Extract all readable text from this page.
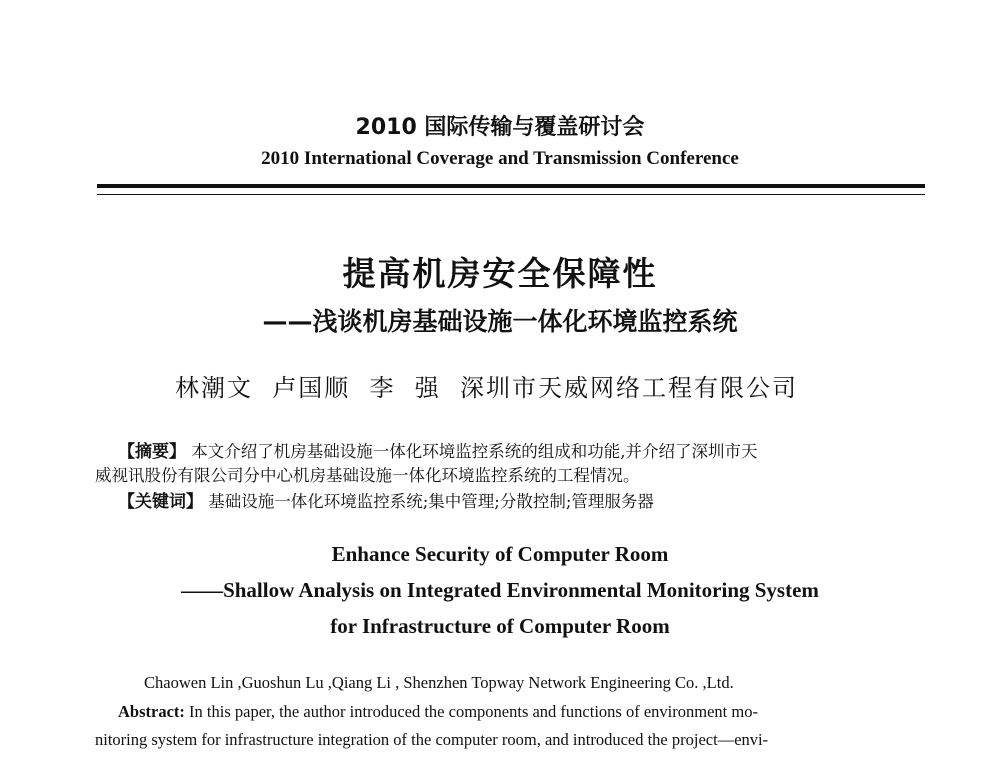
2010 国际传输与覆盖研讨会
2010 International Coverage and Transmission Conference
提高机房安全保障性
——浅谈机房基础设施一体化环境监控系统
林潮文  卢国顺  李  强  深圳市天威网络工程有限公司
【摘要】 本文介绍了机房基础设施一体化环境监控系统的组成和功能,并介绍了深圳市天
威视讯股份有限公司分中心机房基础设施一体化环境监控系统的工程情况。
【关键词】 基础设施一体化环境监控系统;集中管理;分散控制;管理服务器
Enhance Security of Computer Room
——Shallow Analysis on Integrated Environmental Monitoring System
for Infrastructure of Computer Room
Chaowen Lin ,Guoshun Lu ,Qiang Li , Shenzhen Topway Network Engineering Co. ,Ltd.
Abstract: In this paper, the author introduced the components and functions of environment mo-
nitoring system for infrastructure integration of the computer room, and introduced the project—envi-
